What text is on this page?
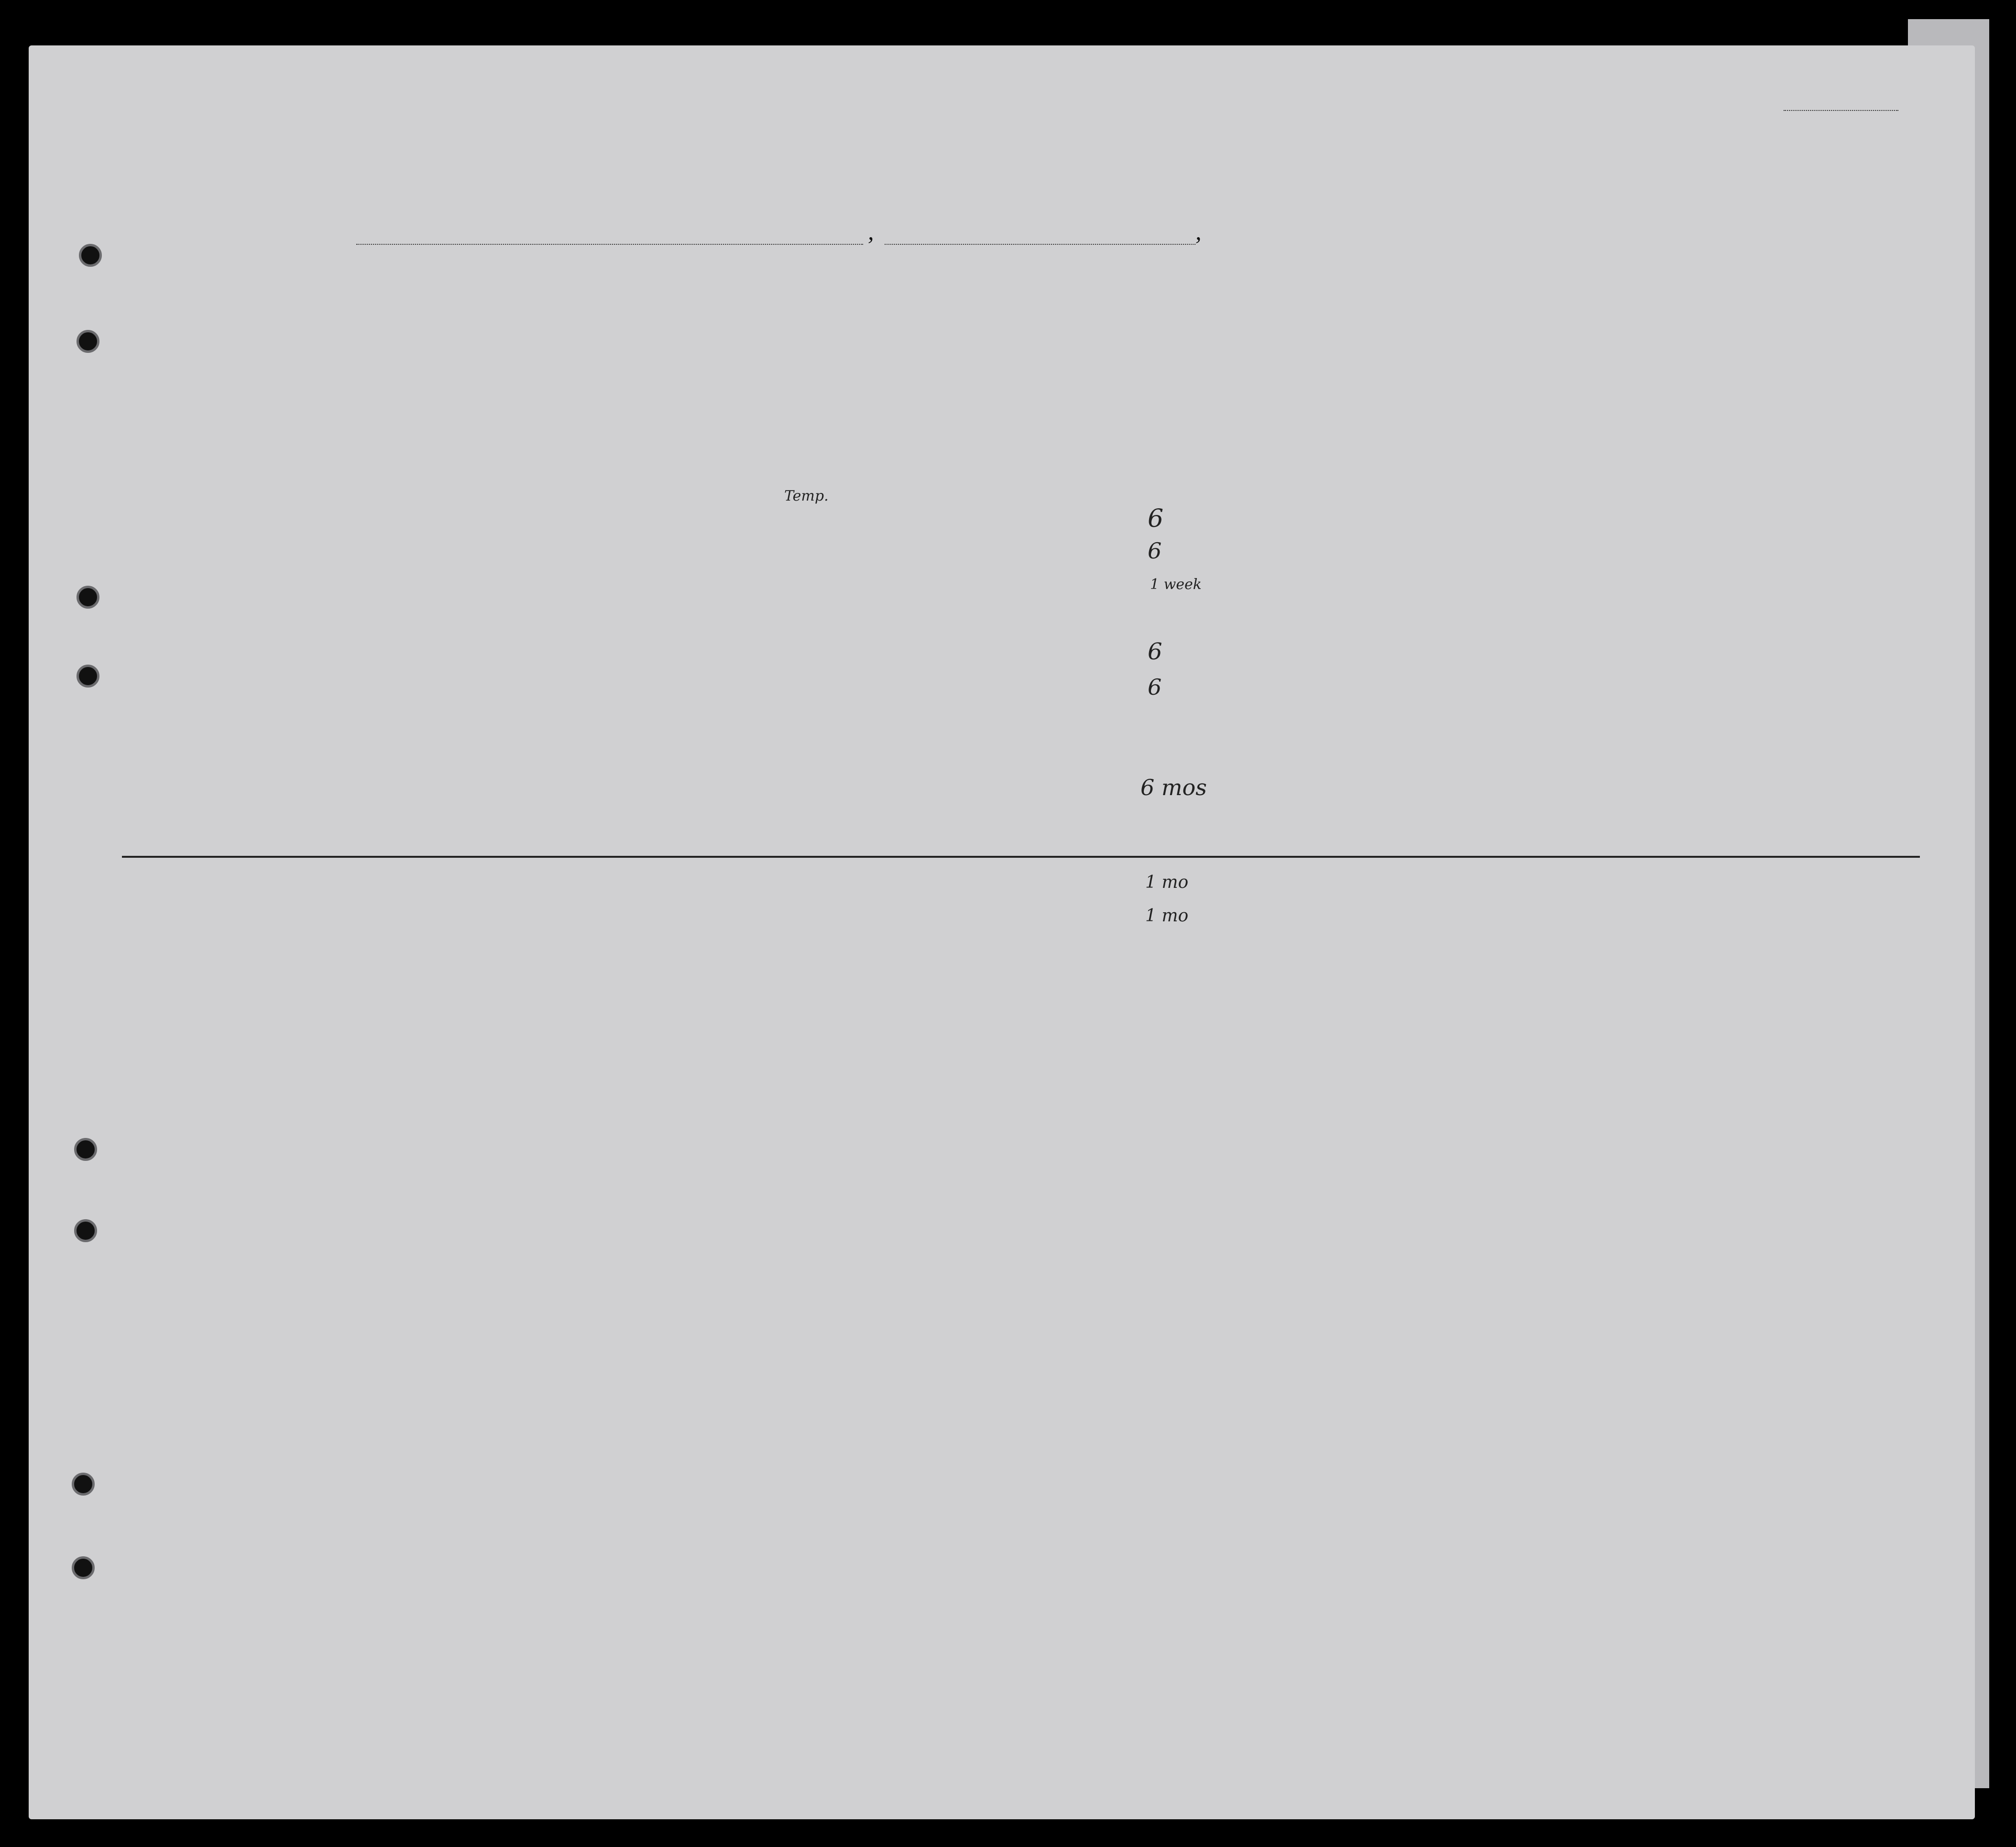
,	,
Temp.
6
6
1 week
6
6
6 mos
1 mo
1 mo
